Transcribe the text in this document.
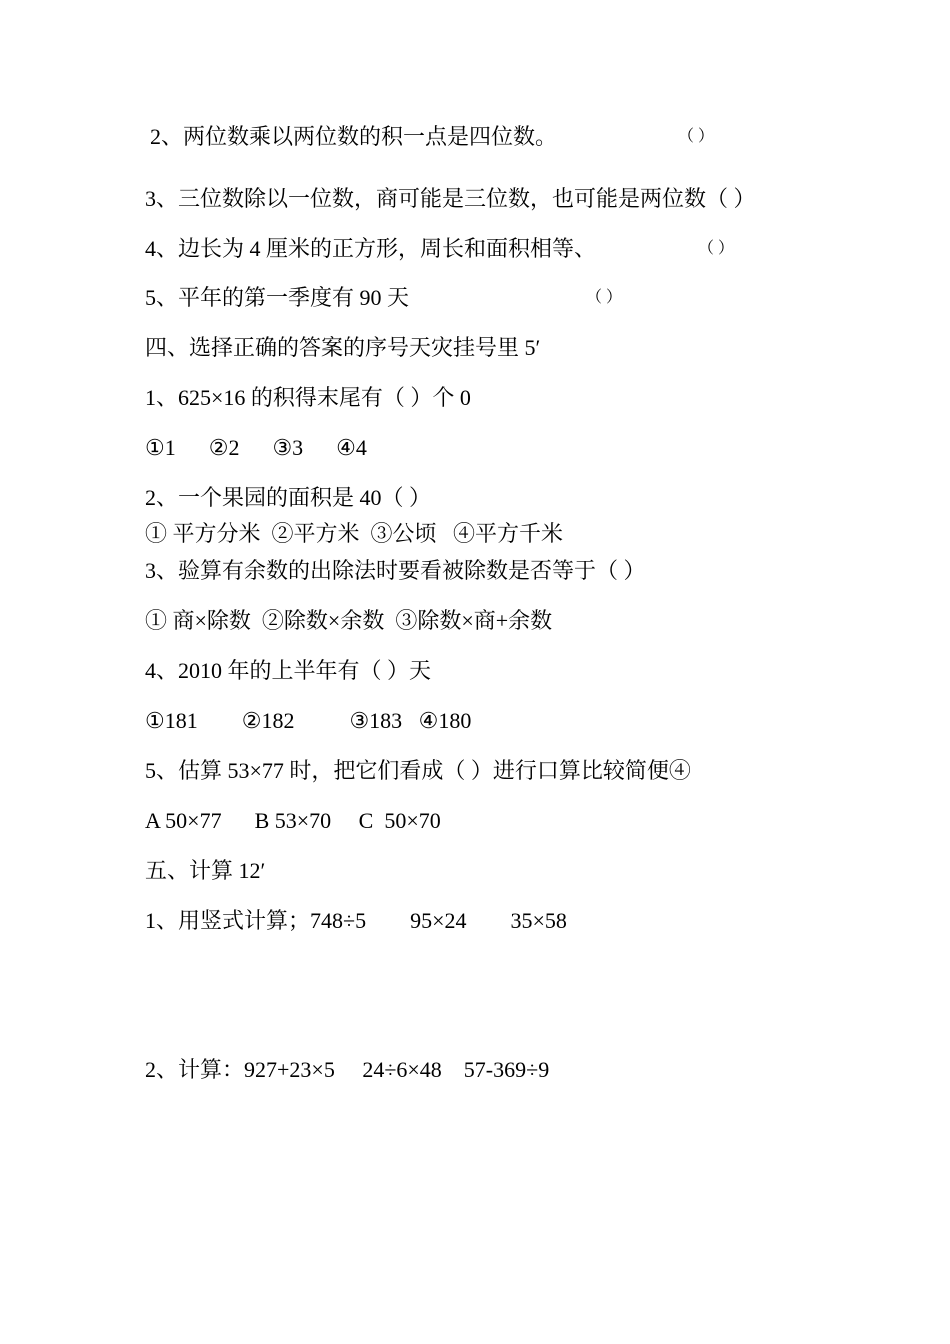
2、两位数乘以两位数的积一点是四位数。	（ ）
3、三位数除以一位数，商可能是三位数，也可能是两位数（ ）
4、边长为 4 厘米的正方形，周长和面积相等、	（ ）
5、平年的第一季度有 90 天	（ ）
四、选择正确的答案的序号天灾挂号里 5′
1、625×16 的积得末尾有（ ）个 0
①1      ②2      ③3      ④4
2、一个果园的面积是 40（ ）
① 平方分米  ②平方米  ③公顷   ④平方千米
3、验算有余数的出除法时要看被除数是否等于（ ）
① 商×除数  ②除数×余数  ③除数×商+余数
4、2010 年的上半年有（ ）天
①181        ②182          ③183   ④180
5、估算 53×77 时，把它们看成（ ）进行口算比较简便④
A 50×77      B 53×70     C  50×70
五、计算 12′
1、用竖式计算；748÷5        95×24        35×58
2、计算：927+23×5     24÷6×48    57-369÷9
